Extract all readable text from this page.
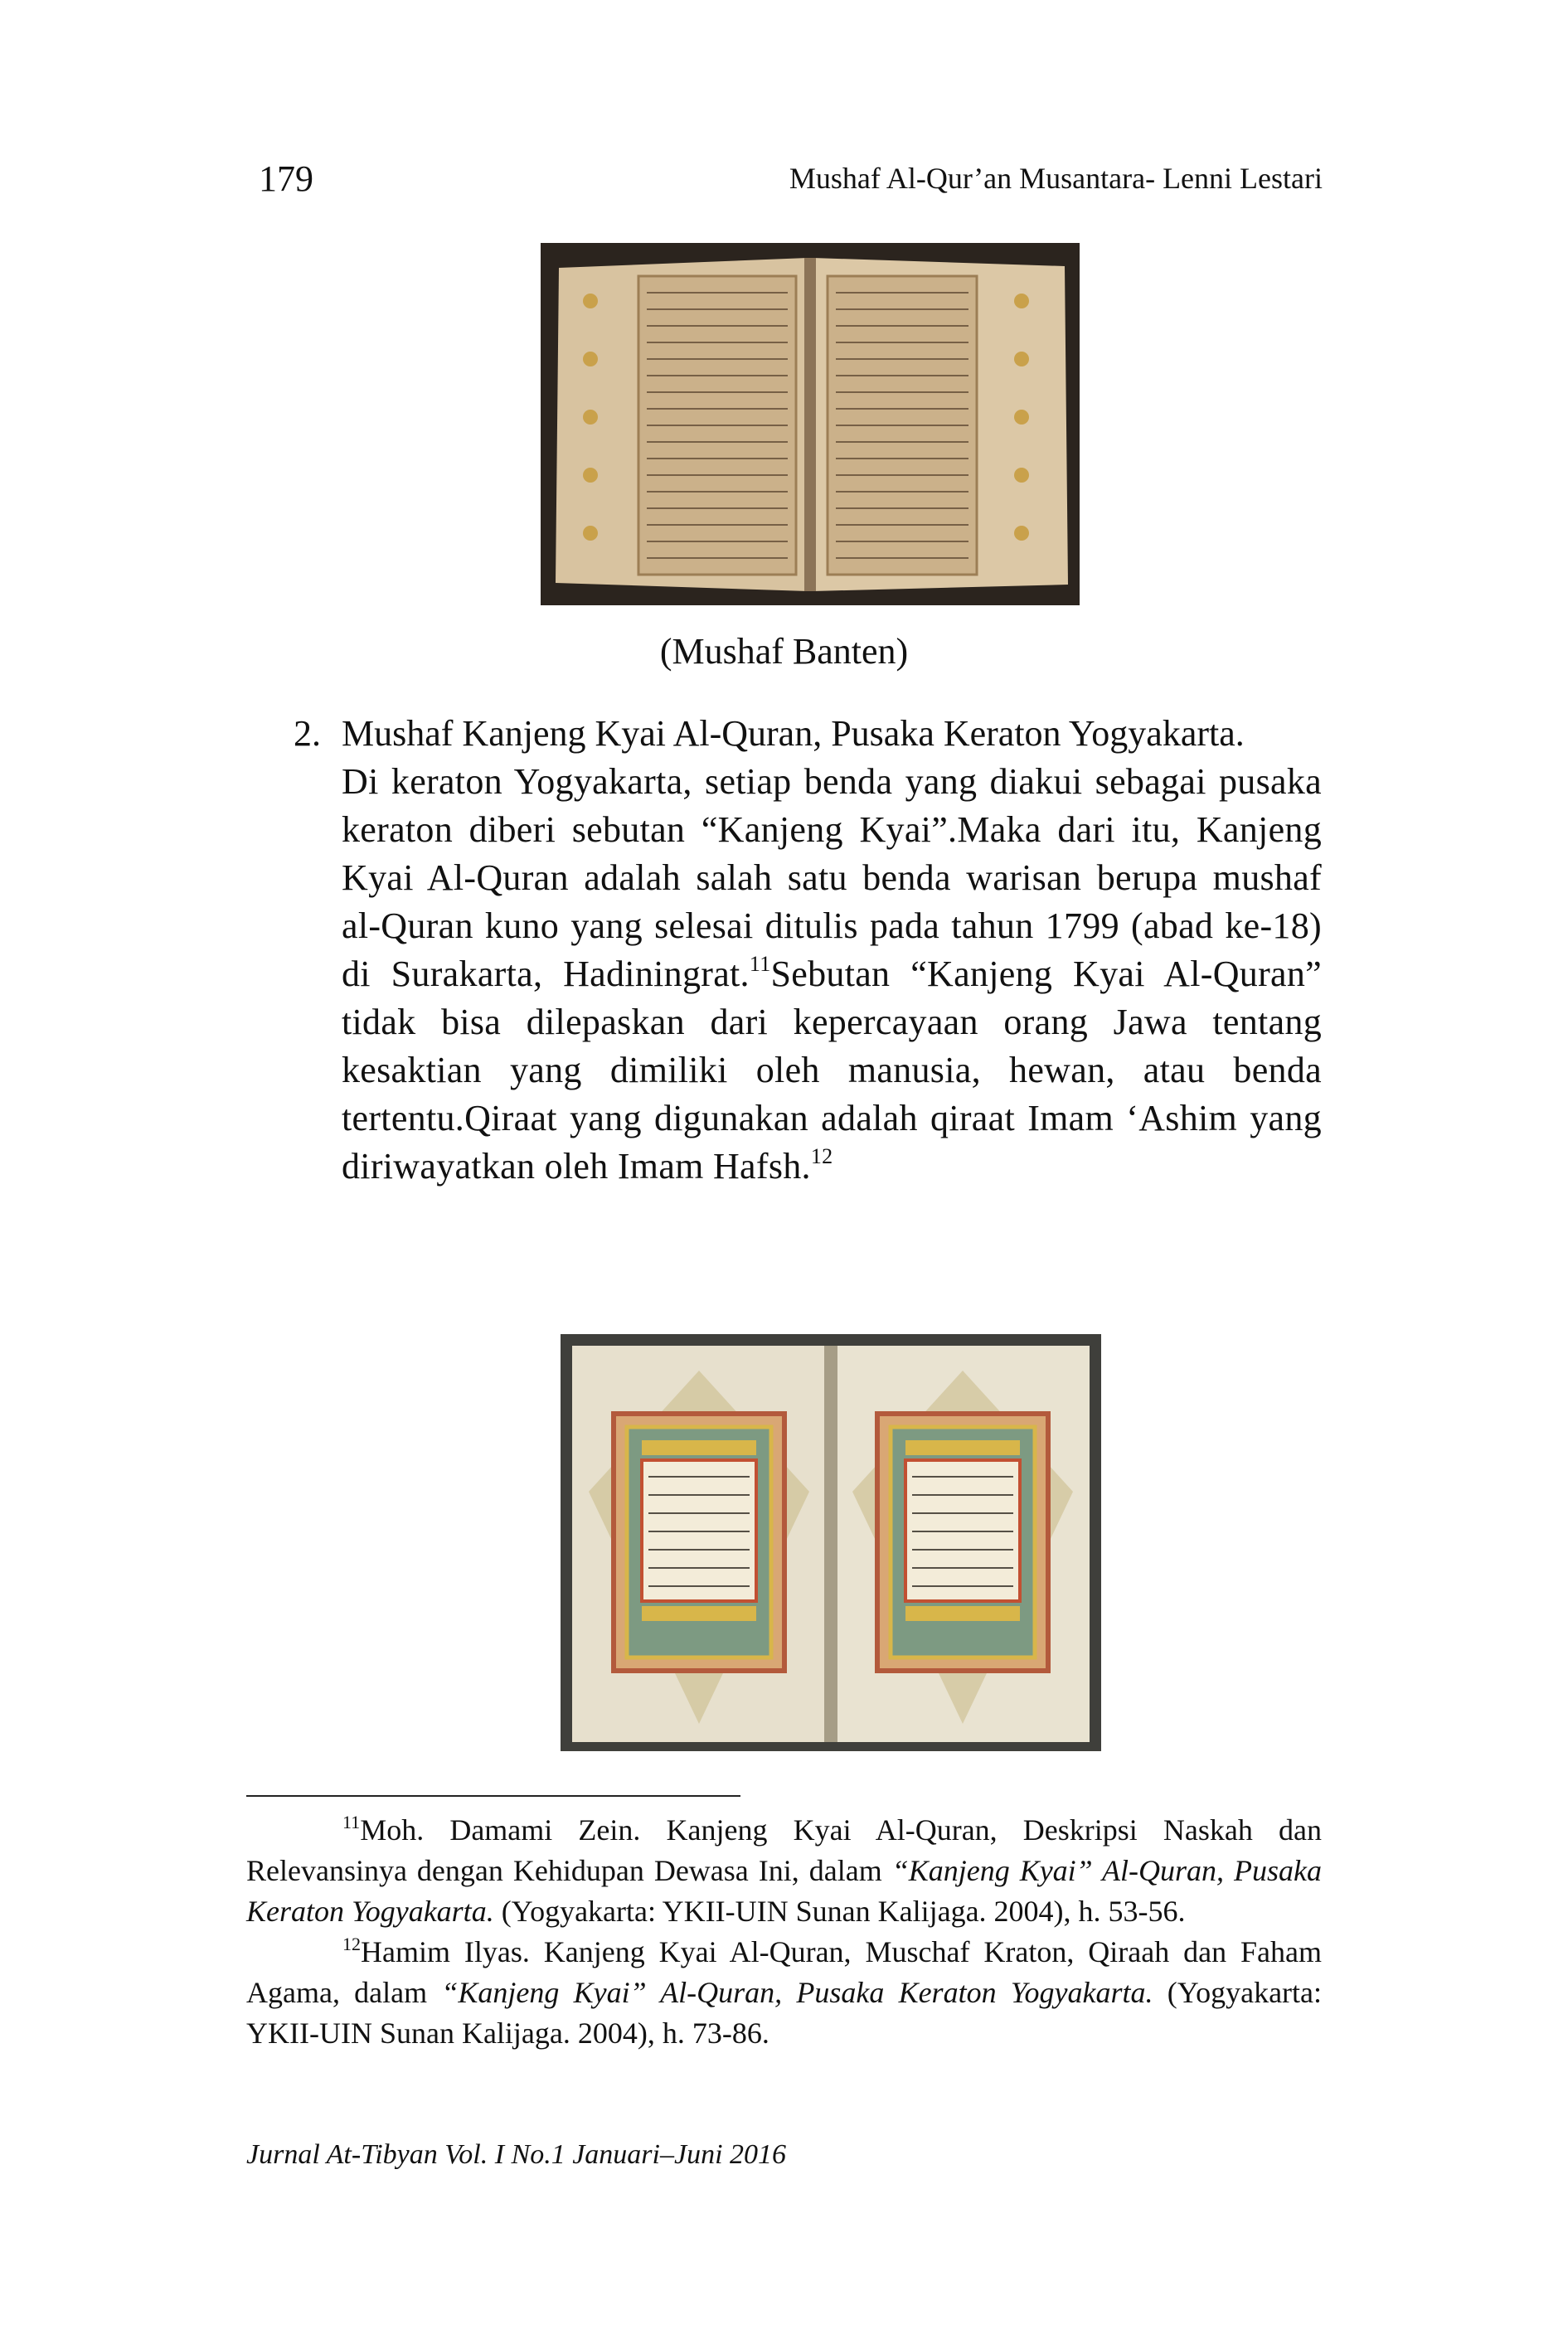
179	Mushaf Al-Qur’an Musantara- Lenni Lestari
(Mushaf Banten)
2. Mushaf Kanjeng Kyai Al-Quran, Pusaka Keraton Yogyakarta.
Di keraton Yogyakarta, setiap benda yang diakui sebagai pusaka keraton diberi sebutan “Kanjeng Kyai”.Maka dari itu, Kanjeng Kyai Al-Quran adalah salah satu benda warisan berupa mushaf al-Quran kuno yang selesai ditulis pada tahun 1799 (abad ke-18) di Surakarta, Hadiningrat.$^{11}$Sebutan “Kanjeng Kyai Al-Quran” tidak bisa dilepaskan dari kepercayaan orang Jawa tentang kesaktian yang dimiliki oleh manusia, hewan, atau benda tertentu.Qiraat yang digunakan adalah qiraat Imam ‘Ashim yang diriwayatkan oleh Imam Hafsh.$^{12}$

$^{11}$Moh. Damami Zein. Kanjeng Kyai Al-Quran, Deskripsi Naskah dan Relevansinya dengan Kehidupan Dewasa Ini, dalam “Kanjeng Kyai” Al-Quran, Pusaka Keraton Yogyakarta. (Yogyakarta: YKII-UIN Sunan Kalijaga. 2004), h. 53-56.

$^{12}$Hamim Ilyas. Kanjeng Kyai Al-Quran, Muschaf Kraton, Qiraah dan Faham Agama, dalam “Kanjeng Kyai” Al-Quran, Pusaka Keraton Yogyakarta. (Yogyakarta: YKII-UIN Sunan Kalijaga. 2004), h. 73-86.

Jurnal At-Tibyan Vol. I No.1 Januari–Juni 2016
